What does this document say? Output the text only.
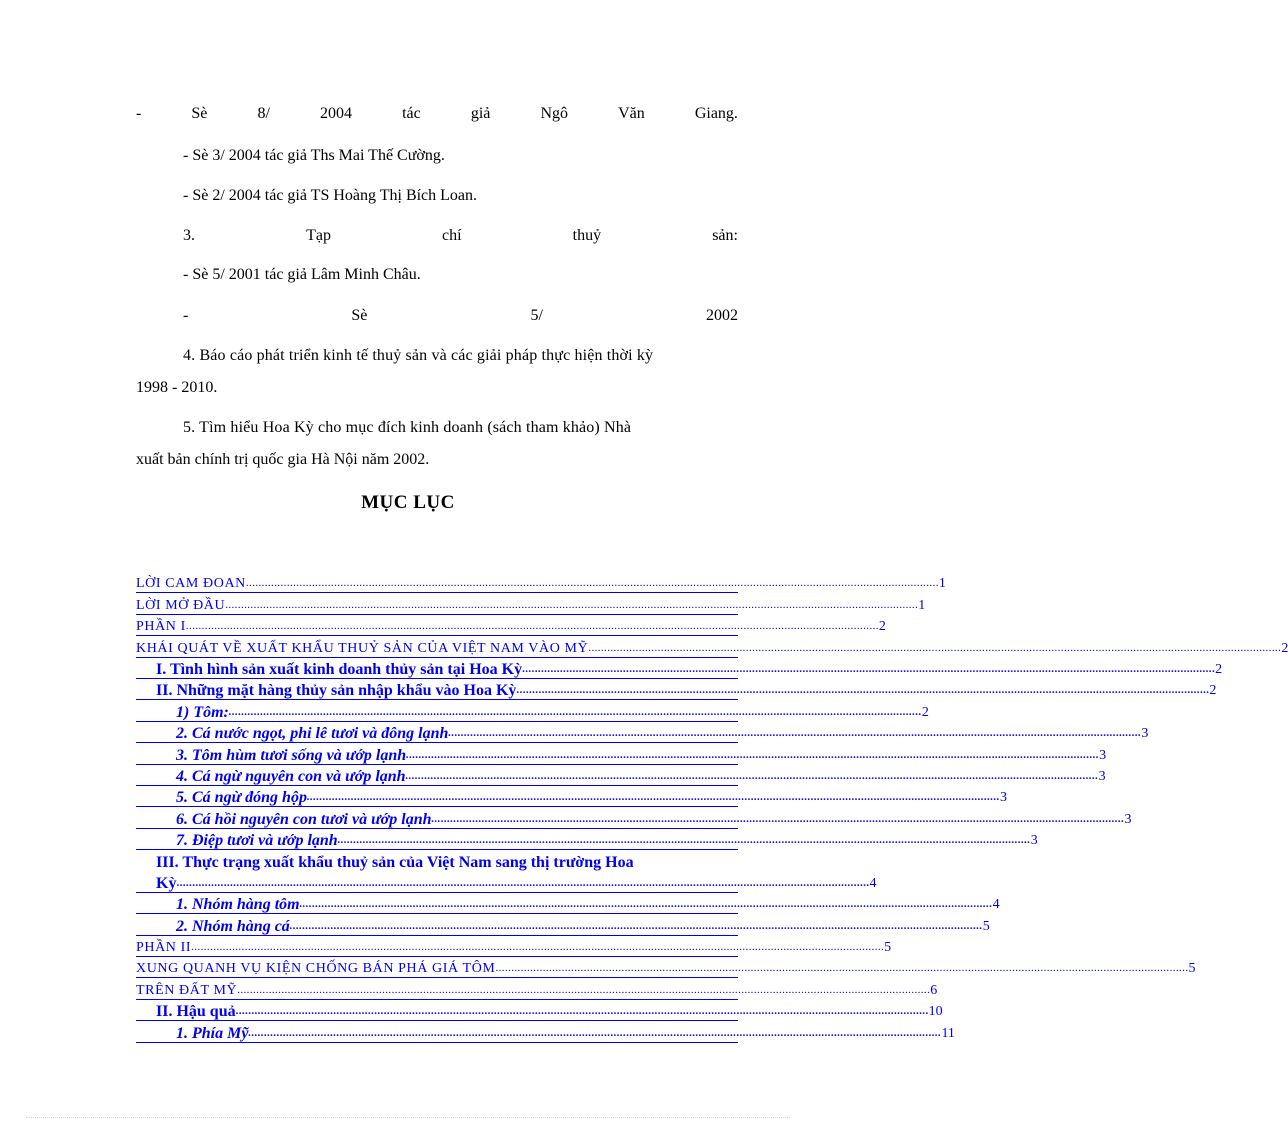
-	Sè	8/	2004	tác	giả	Ngô	Văn	Giang.
- Sè 3/ 2004 tác giả Ths Mai Thế Cường.
- Sè 2/ 2004 tác giả TS Hoàng Thị Bích Loan.
3.	Tạp	chí	thuỷ	sản:
- Sè 5/ 2001 tác giả Lâm Minh Châu.
-	Sè	5/	2002
4. Báo cáo phát triển kinh tế thuỷ sản và các giải pháp thực hiện thời kỳ
1998 - 2010.
5. Tìm hiểu Hoa Kỳ cho mục đích kinh doanh (sách tham khảo) Nhà
xuất bản chính trị quốc gia Hà Nội năm 2002.
MỤC LỤC
LỜI CAM ĐOAN ............................................................................................................................................................................................................................ 1
LỜI MỞ ĐẦU ............................................................................................................................................................................................................................ 1
PHẦN I ............................................................................................................................................................................................................................ 2
KHÁI QUÁT VỀ XUẤT KHẨU THUỶ SẢN CỦA VIỆT NAM VÀO MỸ ............................................................................................................................................................................................................................ 2
I. Tình hình sản xuất kinh doanh thủy sản tại Hoa Kỳ ............................................................................................................................................................................................................................ 2
II. Những mặt hàng thủy sản nhập khẩu vào Hoa Kỳ ............................................................................................................................................................................................................................ 2
1) Tôm: ............................................................................................................................................................................................................................ 2
2. Cá nước ngọt, phi lê tươi và đông lạnh ............................................................................................................................................................................................................................ 3
3. Tôm hùm tươi sống và ướp lạnh ............................................................................................................................................................................................................................ 3
4. Cá ngừ nguyên con và ướp lạnh ............................................................................................................................................................................................................................ 3
5. Cá ngừ đóng hộp ............................................................................................................................................................................................................................ 3
6. Cá hồi nguyên con tươi và ướp lạnh ............................................................................................................................................................................................................................ 3
7. Điệp tươi và ướp lạnh ............................................................................................................................................................................................................................ 3
III. Thực trạng xuất khẩu thuỷ sản của Việt Nam sang thị trường Hoa
Kỳ ............................................................................................................................................................................................................................ 4
1. Nhóm hàng tôm ............................................................................................................................................................................................................................ 4
2. Nhóm hàng cá ............................................................................................................................................................................................................................ 5
PHẦN II ............................................................................................................................................................................................................................ 5
XUNG QUANH VỤ KIỆN CHỐNG BÁN PHÁ GIÁ TÔM ............................................................................................................................................................................................................................ 5
TRÊN ĐẤT MỸ ............................................................................................................................................................................................................................ 6
II. Hậu quả ............................................................................................................................................................................................................................ 10
1. Phía Mỹ ............................................................................................................................................................................................................................ 11
